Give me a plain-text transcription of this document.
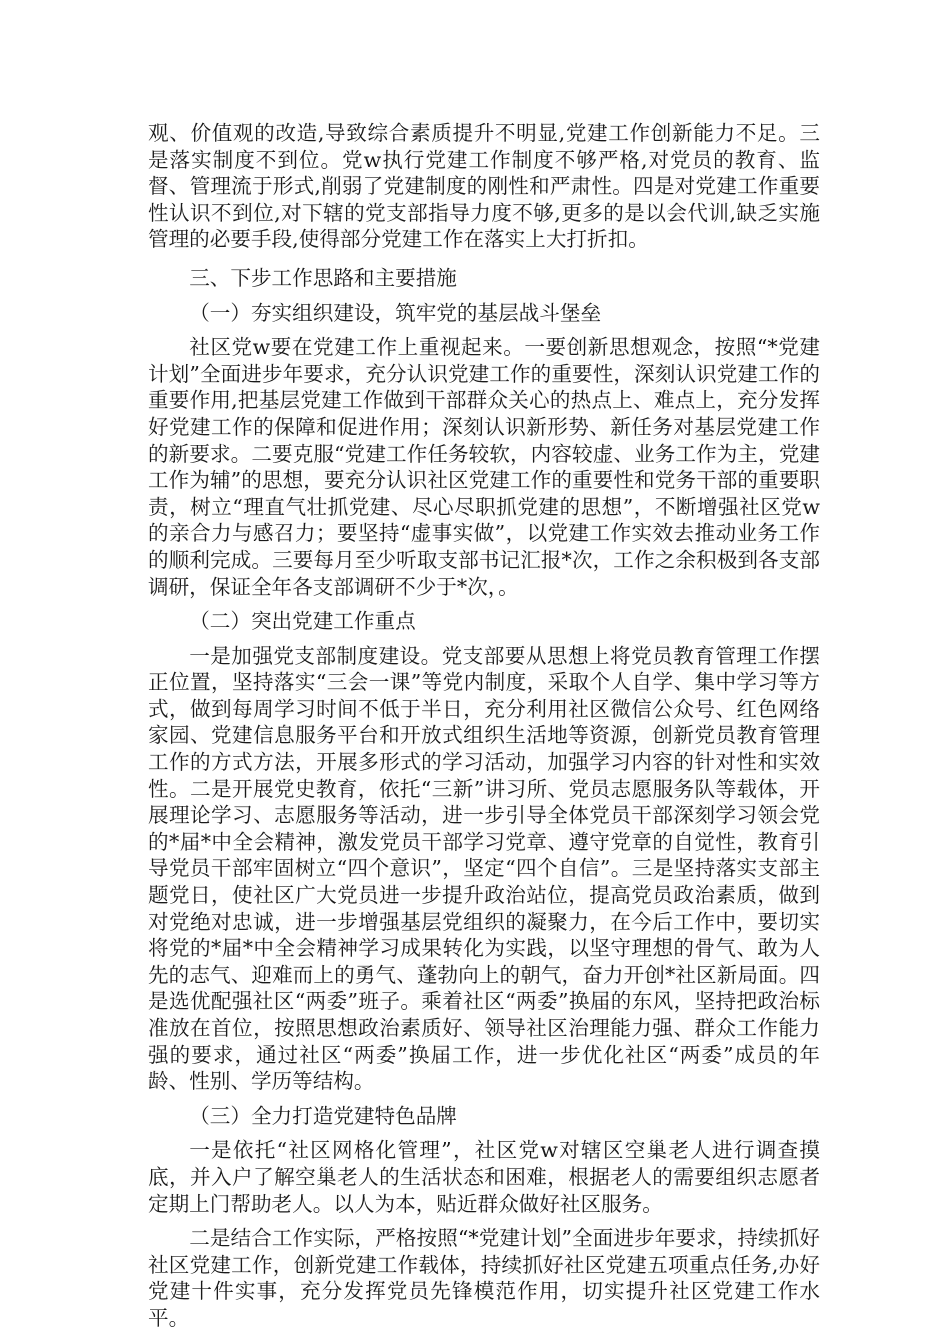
观、价值观的改造,导致综合素质提升不明显,党建工作创新能力不足。三是落实制度不到位。党w执行党建工作制度不够严格,对党员的教育、监督、管理流于形式,削弱了党建制度的刚性和严肃性。四是对党建工作重要性认识不到位,对下辖的党支部指导力度不够,更多的是以会代训,缺乏实施管理的必要手段,使得部分党建工作在落实上大打折扣。

三、下步工作思路和主要措施

（一）夯实组织建设，筑牢党的基层战斗堡垒

社区党w要在党建工作上重视起来。一要创新思想观念，按照“*党建计划”全面进步年要求，充分认识党建工作的重要性，深刻认识党建工作的重要作用,把基层党建工作做到干部群众关心的热点上、难点上，充分发挥好党建工作的保障和促进作用；深刻认识新形势、新任务对基层党建工作的新要求。二要克服“党建工作任务较软，内容较虚、业务工作为主，党建工作为辅”的思想，要充分认识社区党建工作的重要性和党务干部的重要职责，树立“理直气壮抓党建、尽心尽职抓党建的思想”，不断增强社区党w的亲合力与感召力；要坚持“虚事实做”，以党建工作实效去推动业务工作的顺利完成。三要每月至少听取支部书记汇报*次，工作之余积极到各支部调研，保证全年各支部调研不少于*次，。

（二）突出党建工作重点

一是加强党支部制度建设。党支部要从思想上将党员教育管理工作摆正位置，坚持落实“三会一课”等党内制度，采取个人自学、集中学习等方式，做到每周学习时间不低于半日，充分利用社区微信公众号、红色网络家园、党建信息服务平台和开放式组织生活地等资源，创新党员教育管理工作的方式方法，开展多形式的学习活动，加强学习内容的针对性和实效性。二是开展党史教育，依托“三新”讲习所、党员志愿服务队等载体，开展理论学习、志愿服务等活动，进一步引导全体党员干部深刻学习领会党的*届*中全会精神，激发党员干部学习党章、遵守党章的自觉性，教育引导党员干部牢固树立“四个意识”，坚定“四个自信”。三是坚持落实支部主题党日，使社区广大党员进一步提升政治站位，提高党员政治素质，做到对党绝对忠诚，进一步增强基层党组织的凝聚力，在今后工作中，要切实将党的*届*中全会精神学习成果转化为实践，以坚守理想的骨气、敢为人先的志气、迎难而上的勇气、蓬勃向上的朝气，奋力开创*社区新局面。四是选优配强社区“两委”班子。乘着社区“两委”换届的东风，坚持把政治标准放在首位，按照思想政治素质好、领导社区治理能力强、群众工作能力强的要求，通过社区“两委”换届工作，进一步优化社区“两委”成员的年龄、性别、学历等结构。

（三）全力打造党建特色品牌

一是依托“社区网格化管理”，社区党w对辖区空巢老人进行调查摸底，并入户了解空巢老人的生活状态和困难，根据老人的需要组织志愿者定期上门帮助老人。以人为本，贴近群众做好社区服务。

二是结合工作实际，严格按照“*党建计划”全面进步年要求，持续抓好社区党建工作，创新党建工作载体，持续抓好社区党建五项重点任务,办好党建十件实事，充分发挥党员先锋模范作用，切实提升社区党建工作水平。
